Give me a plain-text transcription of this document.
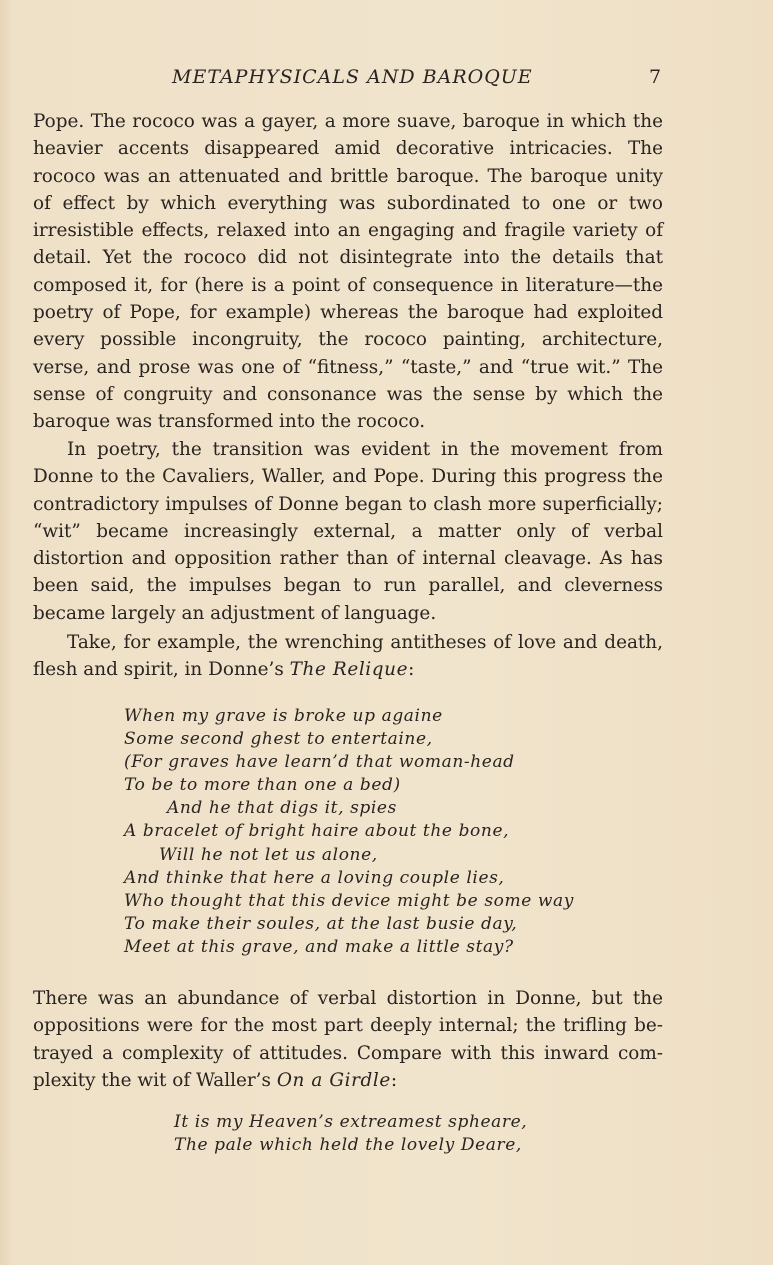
METAPHYSICALS AND BAROQUE	7

Pope. The rococo was a gayer, a more suave, baroque in which the heavier accents disappeared amid decorative intricacies. The rococo was an attenuated and brittle baroque. The baroque unity of effect by which everything was subordinated to one or two irresistible effects, relaxed into an engaging and fragile variety of detail. Yet the rococo did not disintegrate into the details that composed it, for (here is a point of consequence in literature—the poetry of Pope, for example) whereas the baroque had exploited every possible incongruity, the rococo painting, architecture, verse, and prose was one of “fitness,” “taste,” and “true wit.” The sense of congruity and consonance was the sense by which the baroque was transformed into the rococo.

In poetry, the transition was evident in the movement from Donne to the Cavaliers, Waller, and Pope. During this progress the contradictory impulses of Donne began to clash more superficially; “wit” became increasingly external, a matter only of verbal distortion and opposition rather than of internal cleavage. As has been said, the impulses began to run parallel, and cleverness became largely an adjustment of language.

Take, for example, the wrenching antitheses of love and death, flesh and spirit, in Donne’s The Relique:

When my grave is broke up againe
Some second ghest to entertaine,
(For graves have learn’d that woman-head
To be to more than one a bed)
And he that digs it, spies
A bracelet of bright haire about the bone,
Will he not let us alone,
And thinke that here a loving couple lies,
Who thought that this device might be some way
To make their soules, at the last busie day,
Meet at this grave, and make a little stay?

There was an abundance of verbal distortion in Donne, but the oppositions were for the most part deeply internal; the trifling betrayed a complexity of attitudes. Compare with this inward complexity the wit of Waller’s On a Girdle:

It is my Heaven’s extreamest spheare,
The pale which held the lovely Deare,
